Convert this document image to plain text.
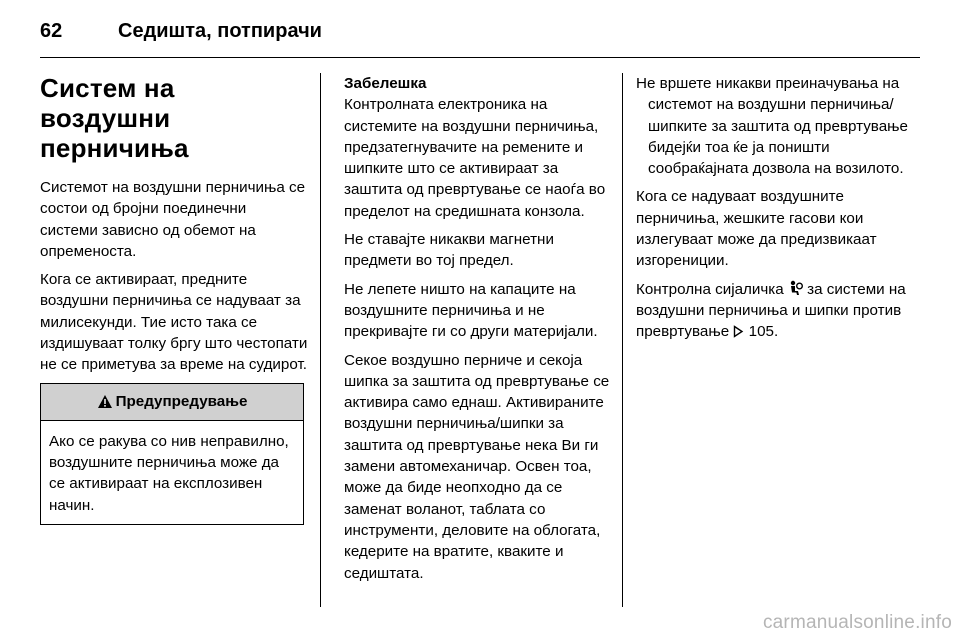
62	Седишта, потпирачи
Систем на воздушни перничиња

Системот на воздушни перничиња се состои од бројни поединечни системи зависно од обемот на опременоста.

Кога се активираат, предните воздушни перничиња се надуваат за милисекунди. Тие исто така се издишуваат толку бргу што честопати не се приметува за време на судирот.

Предупредување
Ако се ракува со нив неправилно, воздушните перничиња може да се активираат на експлозивен начин.
Забелешка

Контролната електроника на системите на воздушни перничиња, предзатегнувачите на ремените и шипките што се активираат за заштита од превртување се наоѓа во пределот на средишната конзола.

Не ставајте никакви магнетни предмети во тој предел.

Не лепете ништо на капаците на воздушните перничиња и не прекривајте ги со други материјали.

Секое воздушно перниче и секоја шипка за заштита од превртување се активира само еднаш. Активираните воздушни перничиња/шипки за заштита од превртување нека Ви ги замени автомеханичар. Освен тоа, може да биде неопходно да се заменат воланот, таблата со инструменти, деловите на облогата, кедерите на вратите, кваките и седиштата.

Не вршете никакви преиначувања на системот на воздушни перничиња/шипките за заштита од превртување бидејќи тоа ќе ја поништи сообраќајната дозвола на возилото.

Кога се надуваат воздушните перничиња, жешките гасови кои излегуваат може да предизвикаат изгорениции.

Контролна сијаличка за системи на воздушни перничиња и шипки против превртување 105.

carmanualsonline.info
